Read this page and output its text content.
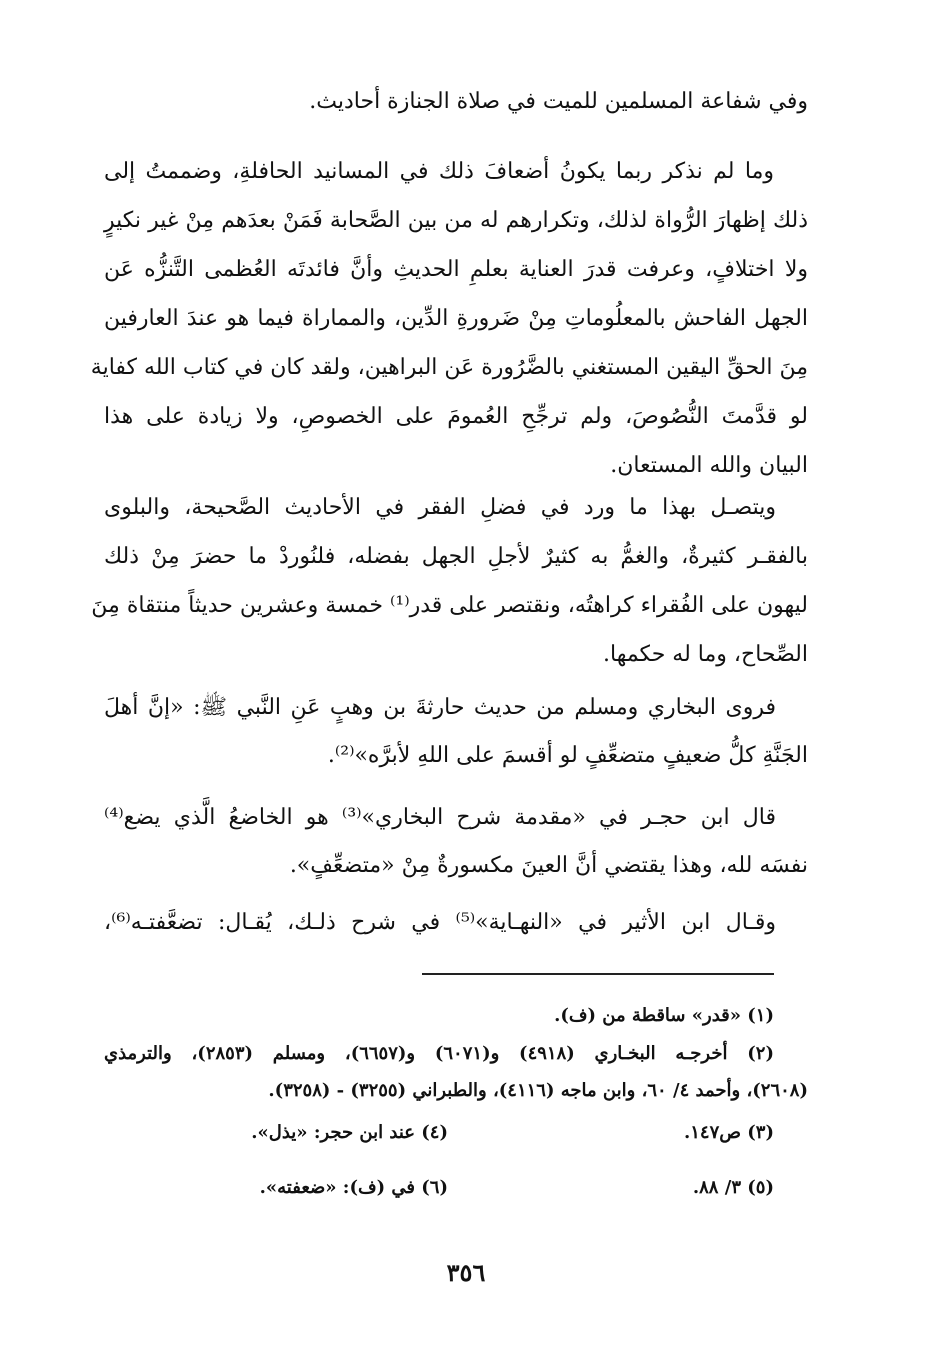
وفي شفاعة المسلمين للميت في صلاة الجنازة أحاديث.
وما لم نذكر ربما يكونُ أضعافَ ذلك في المسانيد الحافلةِ، وضممتُ إلى
ذلك إظهارَ الرُّواة لذلك، وتكرارهم له من بين الصَّحابة فَمَنْ بعدَهم مِنْ غير نكيرٍ
ولا اختلافٍ، وعرفت قدرَ العناية بعلمِ الحديثِ وأنَّ فائدتَه العُظمى التَّنزُّه عَن
الجهل الفاحش بالمعلُوماتِ مِنْ ضَرورةِ الدِّين، والمماراة فيما هو عندَ العارفين
مِنَ الحقِّ اليقين المستغني بالضَّرُورة عَن البراهين، ولقد كان في كتاب الله كفاية
لو قدَّمتَ النُّصُوصَ، ولم ترجِّحِ العُمومَ على الخصوصِ، ولا زيادة على هذا
البيان والله المستعان.
ويتصـل بهذا ما ورد في فضلِ الفقر في الأحاديث الصَّحيحة، والبلوى
بالفقـر كثيرةٌ، والغمُّ به كثيرٌ لأجلِ الجهل بفضله، فلنُوردْ ما حضرَ مِنْ ذلك
ليهون على الفُقراء كراهتُه، ونقتصر على قدر⁽¹⁾ خمسة وعشرين حديثاً منتقاة مِنَ
الصِّحاح، وما له حكمها.
فروى البخاري ومسلم من حديث حارثةَ بن وهبٍ عَنِ النَّبي ﷺ: «إنَّ أهلَ
الجَنَّةِ كلُّ ضعيفٍ متضعِّفٍ لو أقسمَ على اللهِ لأبرَّه»⁽²⁾.
قال ابن حجـر في «مقدمة شرح البخاري»⁽³⁾ هو الخاضعُ الَّذي يضع⁽⁴⁾
نفسَه لله، وهذا يقتضي أنَّ العينَ مكسورةٌ مِنْ «متضعِّفٍ».
وقـال ابن الأثير في «النهـاية»⁽⁵⁾ في شرح ذلـك، يُقـال: تضعَّفتـه⁽⁶⁾،
(١) «قدر» ساقطة من (ف).
(٢) أخرجـه البخـاري (٤٩١٨) و(٦٠٧١) و(٦٦٥٧)، ومسلم (٢٨٥٣)، والترمذي
(٢٦٠٨)، وأحمد ٤/ ٦٠، وابن ماجه (٤١١٦)، والطبراني (٣٢٥٥) - (٣٢٥٨).
(٣) ص١٤٧.
(٤) عند ابن حجر: «يذل».
(٥) ٣/ ٨٨.
(٦) في (ف): «ضعفته».
٣٥٦
